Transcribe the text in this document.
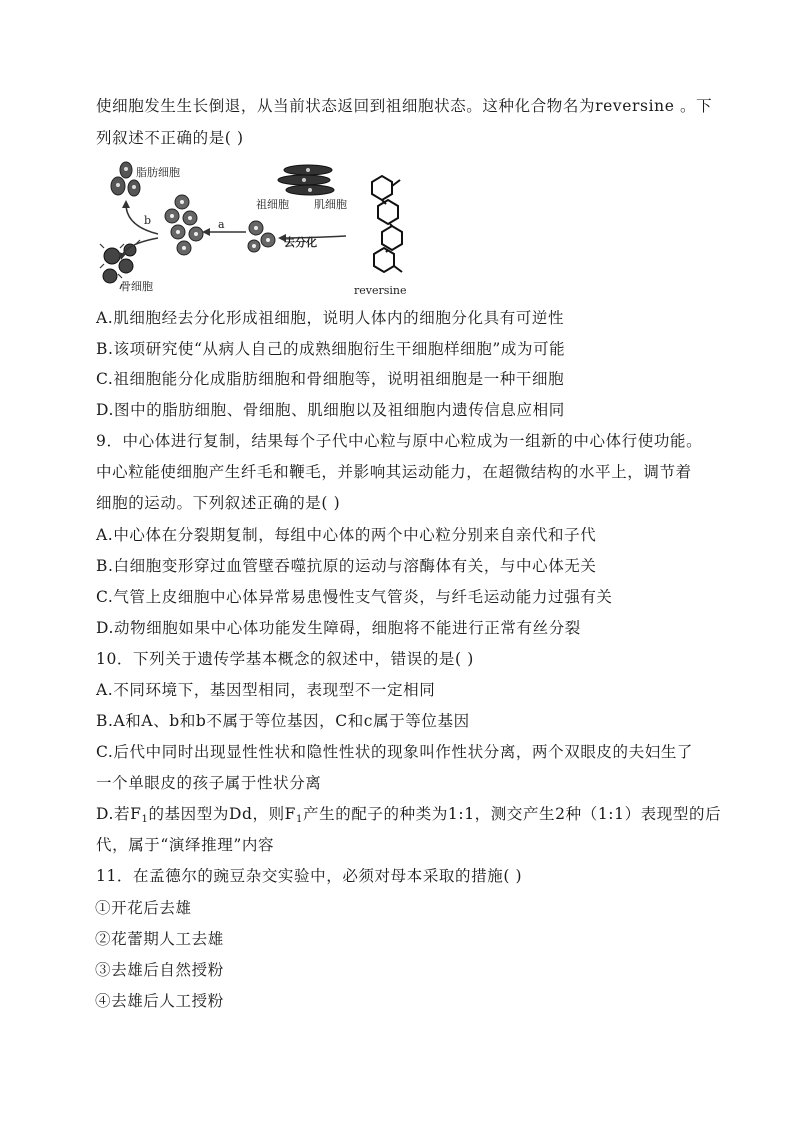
使细胞发生生长倒退，从当前状态返回到祖细胞状态。这种化合物名为reversine 。下
列叙述不正确的是( )
脂肪细胞
骨细胞
b	a
祖细胞 肌细胞
去分化
reversine
A.肌细胞经去分化形成祖细胞，说明人体内的细胞分化具有可逆性
B.该项研究使“从病人自己的成熟细胞衍生干细胞样细胞”成为可能
C.祖细胞能分化成脂肪细胞和骨细胞等，说明祖细胞是一种干细胞
D.图中的脂肪细胞、骨细胞、肌细胞以及祖细胞内遗传信息应相同
9．中心体进行复制，结果每个子代中心粒与原中心粒成为一组新的中心体行使功能。
中心粒能使细胞产生纤毛和鞭毛，并影响其运动能力，在超微结构的水平上，调节着
细胞的运动。下列叙述正确的是( )
A.中心体在分裂期复制，每组中心体的两个中心粒分别来自亲代和子代
B.白细胞变形穿过血管壁吞噬抗原的运动与溶酶体有关，与中心体无关
C.气管上皮细胞中心体异常易患慢性支气管炎，与纤毛运动能力过强有关
D.动物细胞如果中心体功能发生障碍，细胞将不能进行正常有丝分裂
10．下列关于遗传学基本概念的叙述中，错误的是( )
A.不同环境下，基因型相同，表现型不一定相同
B.A和A、b和b不属于等位基因，C和c属于等位基因
C.后代中同时出现显性性状和隐性性状的现象叫作性状分离，两个双眼皮的夫妇生了
一个单眼皮的孩子属于性状分离
D.若$F_1$的基因型为Dd，则$F_1$产生的配子的种类为1:1，测交产生2种（1:1）表现型的后
代，属于“演绎推理”内容
11．在孟德尔的豌豆杂交实验中，必须对母本采取的措施( )
①开花后去雄
②花蕾期人工去雄
③去雄后自然授粉
④去雄后人工授粉
